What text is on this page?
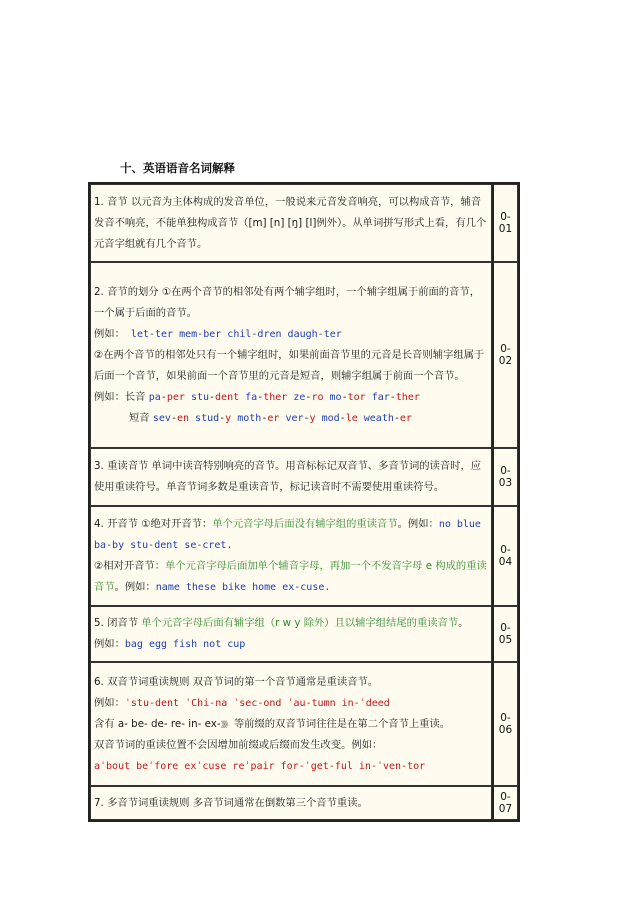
十、英语语音名词解释
1. 音节 以元音为主体构成的发音单位，一般说来元音发音响亮，可以构成音节，辅音发音不响亮，不能单独构成音节（[m] [n] [ŋ] [l]例外）。从单词拼写形式上看，有几个元音字组就有几个音节。	0-01

2. 音节的划分 ①在两个音节的相邻处有两个辅字组时，一个辅字组属于前面的音节，一个属于后面的音节。
例如： let-ter mem-ber chil-dren daugh-ter
②在两个音节的相邻处只有一个辅字组时，如果前面音节里的元音是长音则辅字组属于后面一个音节，如果前面一个音节里的元音是短音，则辅字组属于前面一个音节。
例如：长音 pa-per stu-dent fa-ther ze-ro mo-tor far-ther
短音 sev-en stud-y moth-er ver-y mod-le weath-er	0-02

3. 重读音节 单词中读音特别响亮的音节。用音标标记双音节、多音节词的读音时，应使用重读符号。单音节词多数是重读音节，标记读音时不需要使用重读符号。	0-03

4. 开音节 ①绝对开音节：单个元音字母后面没有辅字组的重读音节。例如：no blue
ba-by stu-dent se-cret.
②相对开音节：单个元音字母后面加单个辅音字母，再加一个不发音字母 e 构成的重读音节。例如：name these bike home ex-cuse.	0-04

5. 闭音节 单个元音字母后面有辅字组（r w y 除外）且以辅字组结尾的重读音节。
例如：bag egg fish not cup	0-05

6. 双音节词重读规则 双音节词的第一个音节通常是重读音节。
例如：ˈstu-dent ˈChi-na ˈsec-ond ˈau-tumn in-ˈdeed
含有 a- be- de- re- in- ex-》》》 等前缀的双音节词往往是在第二个音节上重读。
双音节词的重读位置不会因增加前缀或后缀而发生改变。例如：
aˈbout beˈfore exˈcuse reˈpair for-ˈget-ful in-ˈven-tor	0-06

7. 多音节词重读规则 多音节词通常在倒数第三个音节重读。	0-07
